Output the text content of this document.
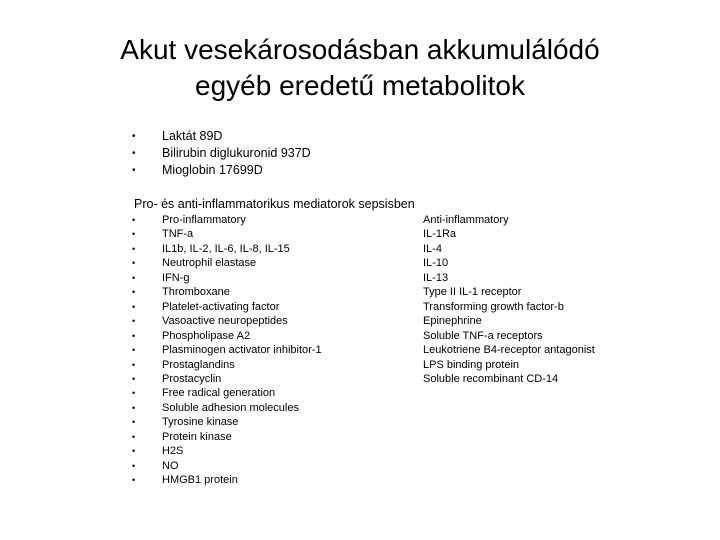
Akut vesekárosodásban akkumulálódó
egyéb eredetű metabolitok
• Laktát 89D
• Bilirubin diglukuronid 937D
• Mioglobin 17699D
Pro- és anti-inflammatorikus mediatorok sepsisben
• Pro-inflammatory
• TNF-a
• IL1b, IL-2, IL-6, IL-8, IL-15
• Neutrophil elastase
• IFN-g
• Thromboxane
• Platelet-activating factor
• Vasoactive neuropeptides
• Phospholipase A2
• Plasminogen activator inhibitor-1
• Prostaglandins
• Prostacyclin
• Free radical generation
• Soluble adhesion molecules
• Tyrosine kinase
• Protein kinase
• H2S
• NO
• HMGB1 protein
Anti-inflammatory
IL-1Ra
IL-4
IL-10
IL-13
Type II IL-1 receptor
Transforming growth factor-b
Epinephrine
Soluble TNF-a receptors
Leukotriene B4-receptor antagonist
LPS binding protein
Soluble recombinant CD-14
